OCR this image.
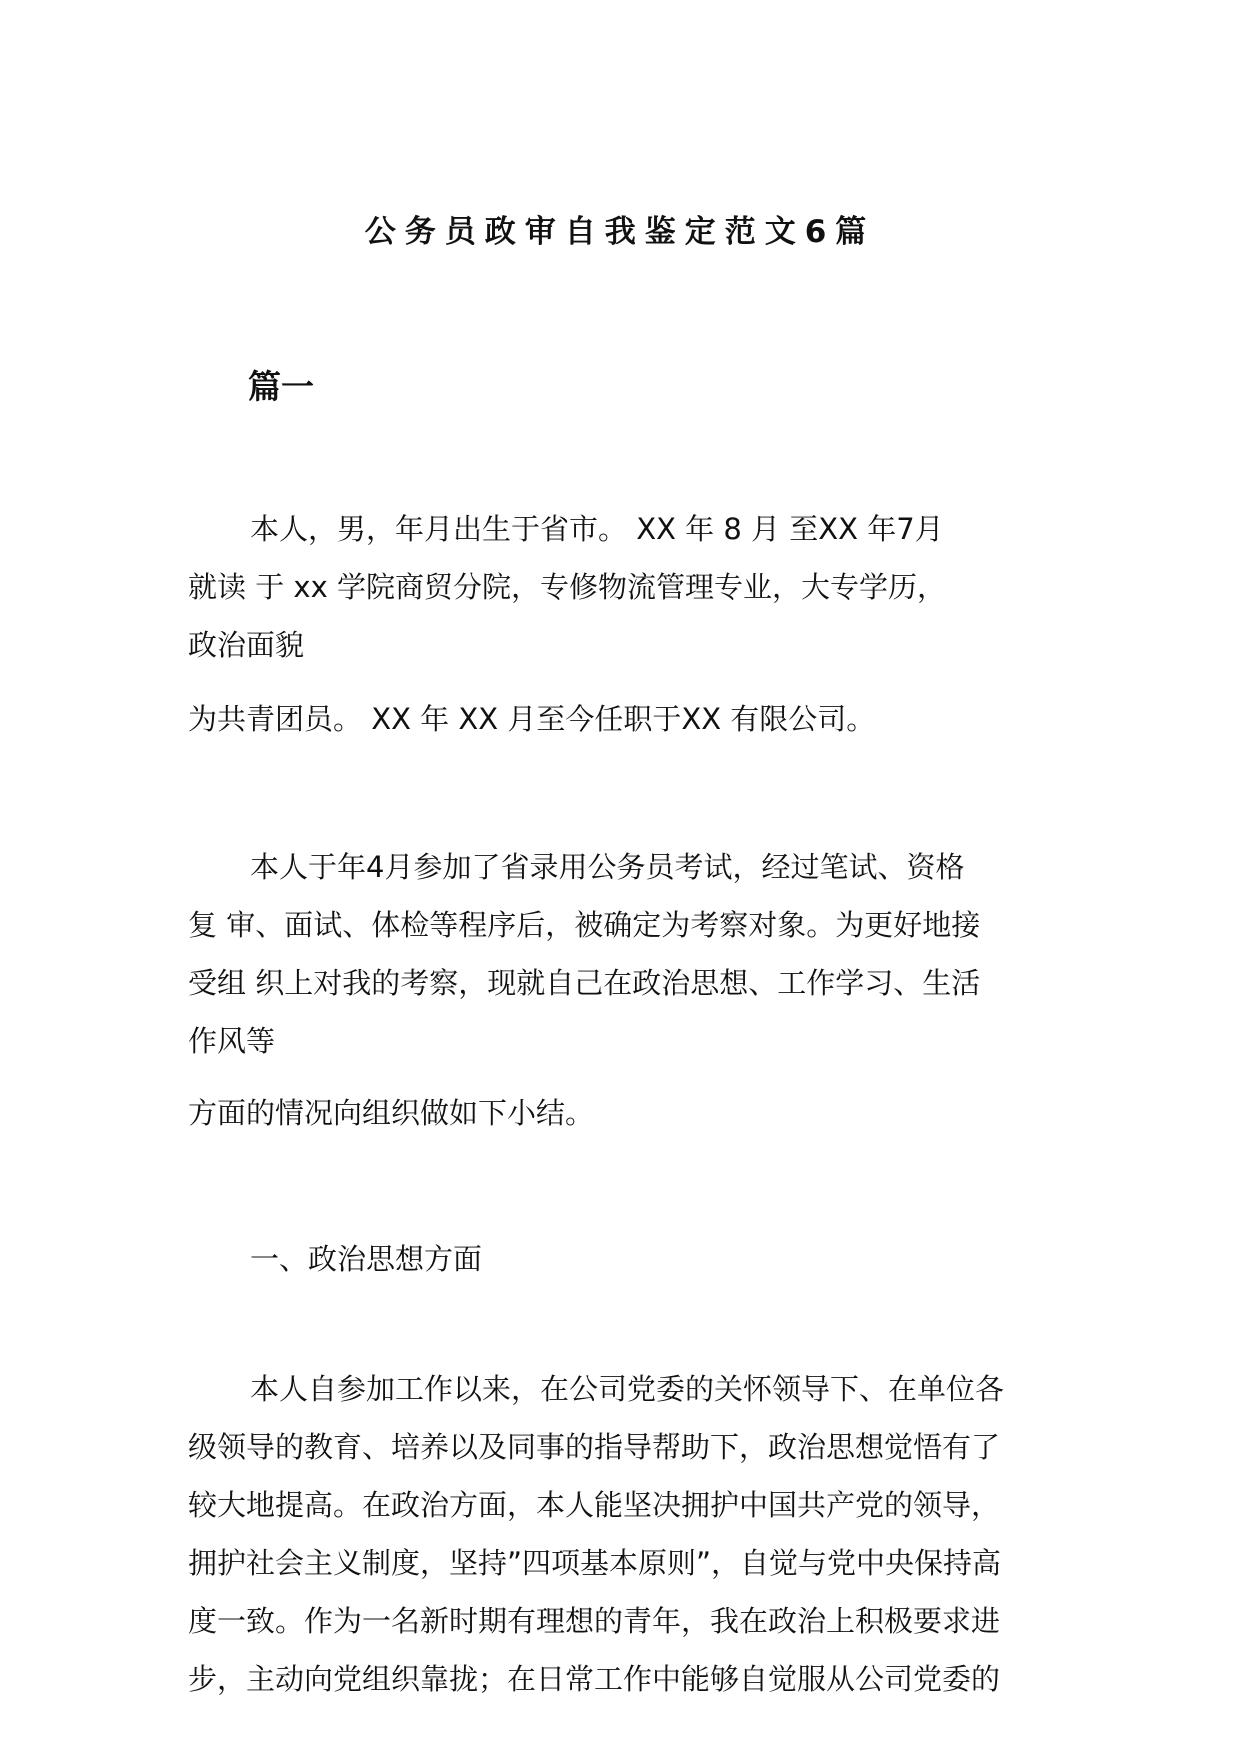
公务员政审自我鉴定范文6篇
篇一
本人，男，年月出生于省市。 XX 年 8 月 至XX 年7月
就读 于 xx 学院商贸分院，专修物流管理专业，大专学历，
政治面貌
为共青团员。 XX 年 XX 月至今任职于XX 有限公司。
本人于年4月参加了省录用公务员考试，经过笔试、资格
复 审、面试、体检等程序后，被确定为考察对象。为更好地接
受组 织上对我的考察，现就自己在政治思想、工作学习、生活
作风等
方面的情况向组织做如下小结。
一、政治思想方面
本人自参加工作以来，在公司党委的关怀领导下、在单位各
级领导的教育、培养以及同事的指导帮助下，政治思想觉悟有了
较大地提高。在政治方面，本人能坚决拥护中国共产党的领导，
拥护社会主义制度，坚持”四项基本原则”，自觉与党中央保持高
度一致。作为一名新时期有理想的青年，我在政治上积极要求进
步，主动向党组织靠拢；在日常工作中能够自觉服从公司党委的
